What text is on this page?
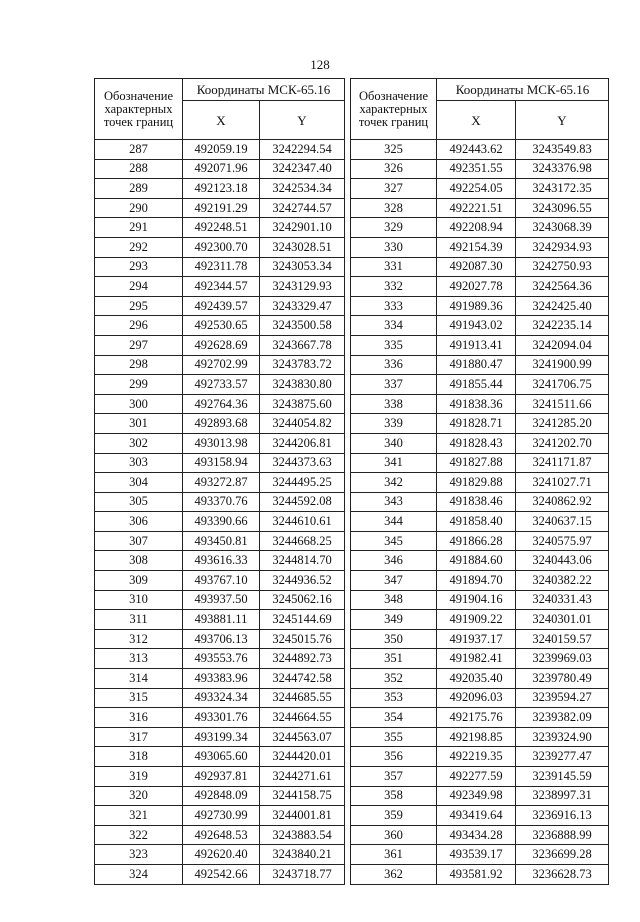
128
Обозначение характерных точек границ	Координаты МСК-65.16			Обозначение характерных точек границ	Координаты МСК-65.16	
	X	Y			X	Y
287	492059.19	3242294.54		325	492443.62	3243549.83
288	492071.96	3242347.40		326	492351.55	3243376.98
289	492123.18	3242534.34		327	492254.05	3243172.35
290	492191.29	3242744.57		328	492221.51	3243096.55
291	492248.51	3242901.10		329	492208.94	3243068.39
292	492300.70	3243028.51		330	492154.39	3242934.93
293	492311.78	3243053.34		331	492087.30	3242750.93
294	492344.57	3243129.93		332	492027.78	3242564.36
295	492439.57	3243329.47		333	491989.36	3242425.40
296	492530.65	3243500.58		334	491943.02	3242235.14
297	492628.69	3243667.78		335	491913.41	3242094.04
298	492702.99	3243783.72		336	491880.47	3241900.99
299	492733.57	3243830.80		337	491855.44	3241706.75
300	492764.36	3243875.60		338	491838.36	3241511.66
301	492893.68	3244054.82		339	491828.71	3241285.20
302	493013.98	3244206.81		340	491828.43	3241202.70
303	493158.94	3244373.63		341	491827.88	3241171.87
304	493272.87	3244495.25		342	491829.88	3241027.71
305	493370.76	3244592.08		343	491838.46	3240862.92
306	493390.66	3244610.61		344	491858.40	3240637.15
307	493450.81	3244668.25		345	491866.28	3240575.97
308	493616.33	3244814.70		346	491884.60	3240443.06
309	493767.10	3244936.52		347	491894.70	3240382.22
310	493937.50	3245062.16		348	491904.16	3240331.43
311	493881.11	3245144.69		349	491909.22	3240301.01
312	493706.13	3245015.76		350	491937.17	3240159.57
313	493553.76	3244892.73		351	491982.41	3239969.03
314	493383.96	3244742.58		352	492035.40	3239780.49
315	493324.34	3244685.55		353	492096.03	3239594.27
316	493301.76	3244664.55		354	492175.76	3239382.09
317	493199.34	3244563.07		355	492198.85	3239324.90
318	493065.60	3244420.01		356	492219.35	3239277.47
319	492937.81	3244271.61		357	492277.59	3239145.59
320	492848.09	3244158.75		358	492349.98	3238997.31
321	492730.99	3244001.81		359	493419.64	3236916.13
322	492648.53	3243883.54		360	493434.28	3236888.99
323	492620.40	3243840.21		361	493539.17	3236699.28
324	492542.66	3243718.77		362	493581.92	3236628.73
